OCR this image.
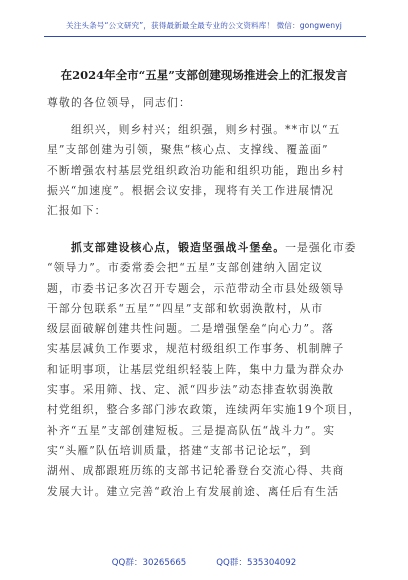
关注头条号“公文研究”，获得最新最全最专业的公文资料库！ 微信：gongwenyj
在2024年全市“五星”支部创建现场推进会上的汇报发言
尊敬的各位领导，同志们：
组织兴，则乡村兴；组织强，则乡村强。**市以“五
星”支部创建为引领，聚焦“核心点、支撑线、覆盖面”
不断增强农村基层党组织政治功能和组织功能，跑出乡村
振兴“加速度”。根据会议安排，现将有关工作进展情况
汇报如下：
抓支部建设核心点，锻造坚强战斗堡垒。一是强化市委
“领导力”。市委常委会把“五星”支部创建纳入固定议
题，市委书记多次召开专题会，示范带动全市县处级领导
干部分包联系“五星”“四星”支部和软弱涣散村，从市
级层面破解创建共性问题。二是增强堡垒“向心力”。落
实基层减负工作要求，规范村级组织工作事务、机制牌子
和证明事项，让基层党组织轻装上阵，集中力量为群众办
实事。采用筛、找、定、派“四步法”动态排查软弱涣散
村党组织，整合多部门涉农政策，连续两年实施19个项目，
补齐“五星”支部创建短板。三是提高队伍“战斗力”。实
实“头雁”队伍培训质量，搭建“支部书记论坛”，到
湖州、成都跟班历练的支部书记轮番登台交流心得、共商
发展大计。建立完善“政治上有发展前途、离任后有生活
QQ群：30265665	QQ群：535304092
